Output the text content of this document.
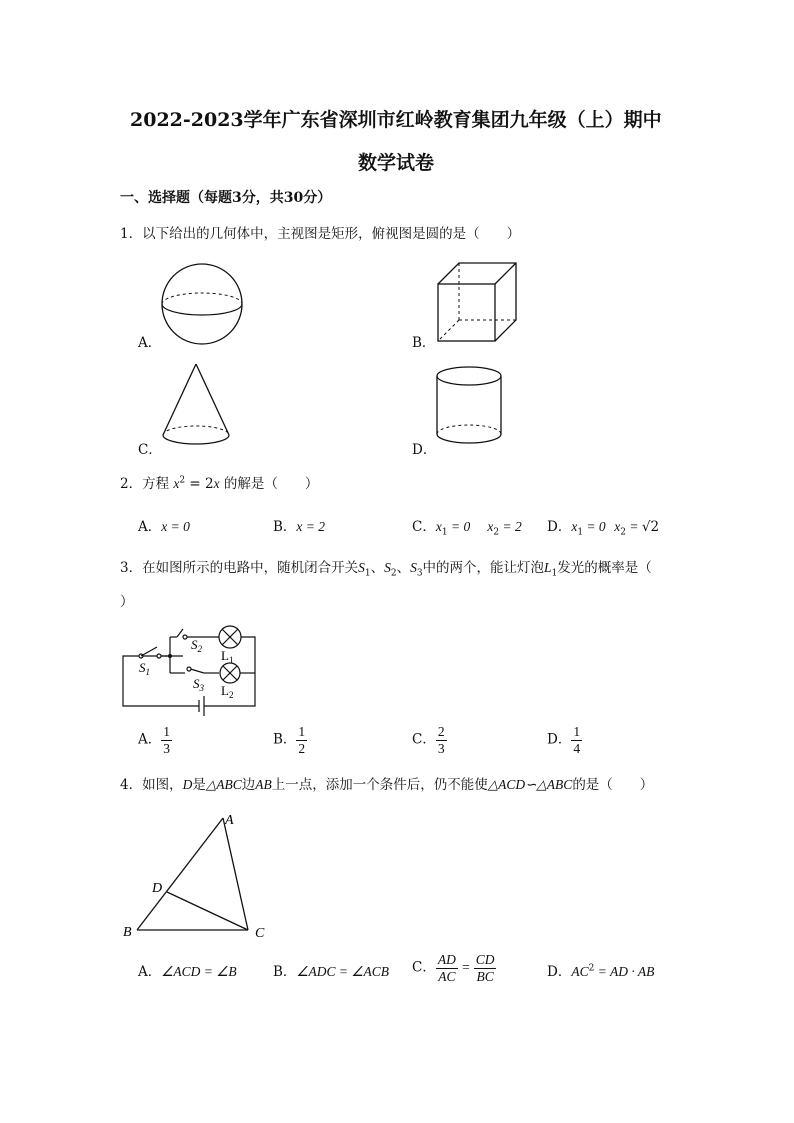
2022-2023学年广东省深圳市红岭教育集团九年级（上）期中
数学试卷
一、选择题（每题3分，共30分）
1．以下给出的几何体中，主视图是矩形，俯视图是圆的是（　　）
A．	B．
C．	D．
2．方程 $x^2 = 2x$ 的解是（　　）
A．x = 0	B．x = 2	C．$x_1 = 0$ $x_2 = 2$ D．$x_1 = 0$ $x_2 = √2$
3．在如图所示的电路中，随机闭合开关$S_1$、$S_2$、$S_3$中的两个，能让灯泡$L_1$发光的概率是（
）
$S_1$
$S_2$
$S_3$
$L_1$
$L_2$
A． $\frac{1}{3}$	B． $\frac{1}{2}$	C． $\frac{2}{3}$	D． $\frac{1}{4}$
4．如图，D是△ABC边AB上一点，添加一个条件后，仍不能使△ACD∽△ABC的是（　　）
A
B	C
D
A．∠ACD = ∠B	B．∠ADC = ∠ACB C． $\frac{AD}{AC} = \frac{CD}{BC}$	D．$AC^2$ = AD · AB
